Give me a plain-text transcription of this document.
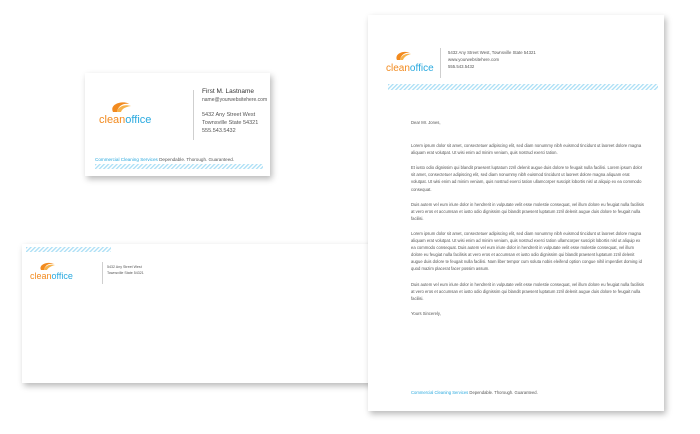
cleanoffice
First M. Lastname
name@yourwebsitehere.com
5432 Any Street West
Townsville State 54321
555.543.5432
Commercial Cleaning Services Dependable. Thorough. Guaranteed.
cleanoffice
5432 Any Street West
Townsville State 54321
cleanoffice
5432 Any Street West, Townsville State 54321
www.yourwebsitehere.com
555.543.5432

Dear Mr. Jones,

Lorem ipsum dolor sit amet, consectetuer adipiscing elit, sed diam nonummy nibh euismod tincidunt ut laoreet dolore magna aliquam erat volutpat. Ut wisi enim ad minim veniam, quis nostrud exerci tation.

Et iusto odio dignissim qui blandit praesent luptatum zzril delenit augue duis dolore te feugait nulla facilisi. Lorem ipsum dolor sit amet, consectetuer adipiscing elit, sed diam nonummy nibh euismod tincidunt ut laoreet dolore magna aliquam erat volutpat. Ut wisi enim ad minim veniam, quis nostrud exerci tation ullamcorper suscipit lobortis nisl ut aliquip ex ea commodo consequat.

Duis autem vel eum iriure dolor in hendrerit in vulputate velit esse molestie consequat, vel illum dolore eu feugiat nulla facilisis at vero eros et accumsan et iusto odio dignissim qui blandit praesent luptatum zzril delenit augue duis dolore te feugait nulla facilisi.

Lorem ipsum dolor sit amet, consectetuer adipiscing elit, sed diam nonummy nibh euismod tincidunt ut laoreet dolore magna aliquam erat volutpat. Ut wisi enim ad minim veniam, quis nostrud exerci tation ullamcorper suscipit lobortis nisl ut aliquip ex ea commodo consequat. Duis autem vel eum iriure dolor in hendrerit in vulputate velit esse molestie consequat, vel illum dolore eu feugiat nulla facilisis at vero eros et accumsan et iusto odio dignissim qui blandit praesent luptatum zzril delenit augue duis dolore te feugait nulla facilisi. Nam liber tempor cum soluta nobis eleifend option congue nihil imperdiet doming id quod mazim placerat facer possim assum.

Duis autem vel eum iriure dolor in hendrerit in vulputate velit esse molestie consequat, vel illum dolore eu feugiat nulla facilisis at vero eros et accumsan et iusto odio dignissim qui blandit praesent luptatum zzril delenit augue duis dolore te feugait nulla facilisi.

Yours Sincerely,

Commercial Cleaning Services Dependable. Thorough. Guaranteed.
